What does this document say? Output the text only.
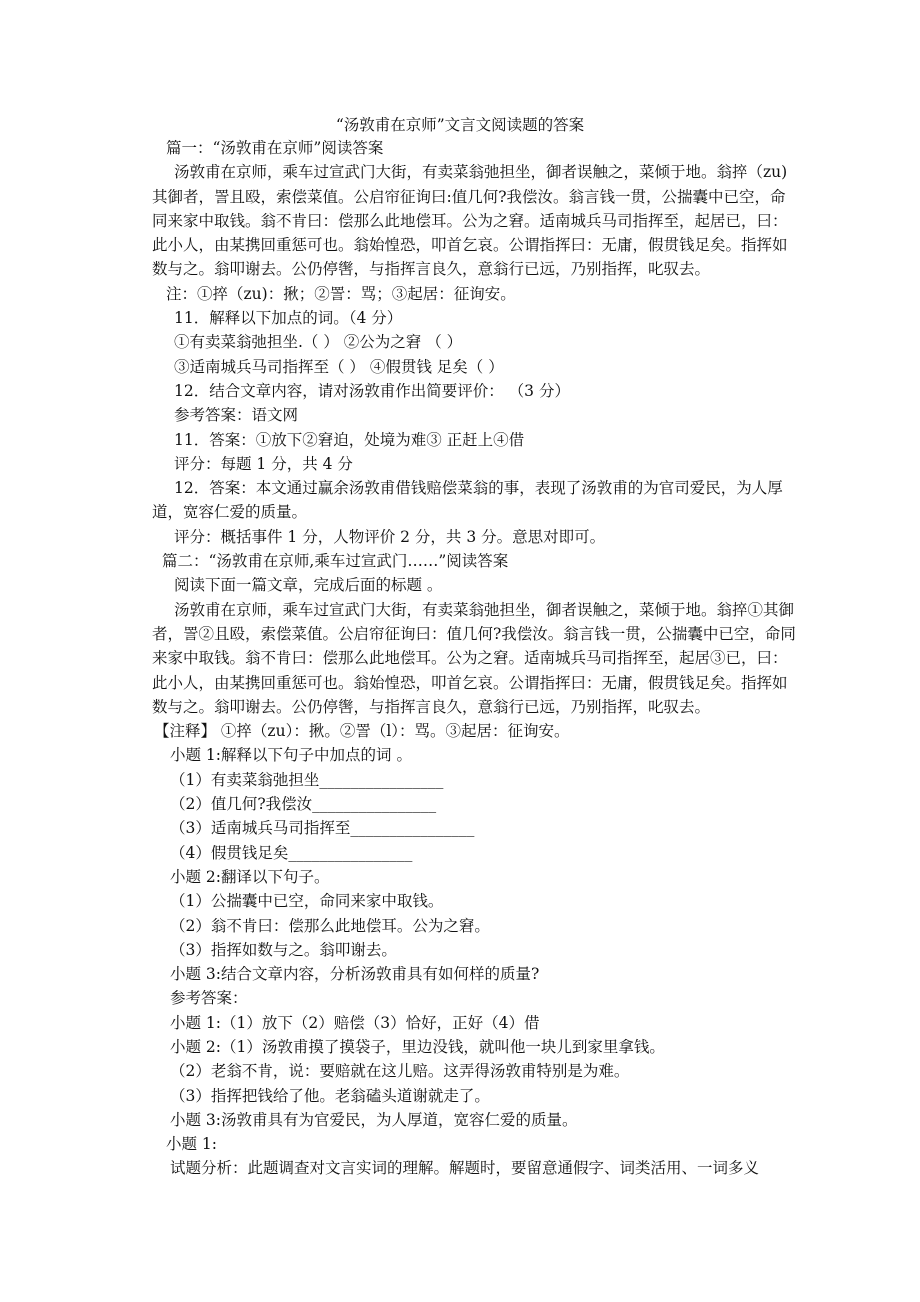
“汤敦甫在京师”文言文阅读题的答案

篇一：“汤敦甫在京师”阅读答案

汤敦甫在京师，乘车过宣武门大街，有卖菜翁弛担坐，御者误触之，菜倾于地。翁捽（zu)其御者，詈且殴，索偿菜值。公启帘征询曰:值几何?我偿汝。翁言钱一贯，公揣囊中已空，命同来家中取钱。翁不肯曰：偿那么此地偿耳。公为之窘。适南城兵马司指挥至，起居已，曰：此小人，由某携回重惩可也。翁始惶恐，叩首乞哀。公谓指挥曰：无庸，假贯钱足矣。指挥如数与之。翁叩谢去。公仍停辔，与指挥言良久，意翁行已远，乃别指挥，叱驭去。

注：①捽（zu)：揪；②詈：骂；③起居：征询安。

11．解释以下加点的词。（4 分）

①有卖菜翁弛担坐.（ ） ②公为之窘 （ ）

③适南城兵马司指挥至（ ） ④假贯钱 足矣（ ）

12．结合文章内容，请对汤敦甫作出简要评价： （3 分）

参考答案：语文网

11．答案：①放下②窘迫，处境为难③ 正赶上④借

评分：每题 1 分，共 4 分

12．答案：本文通过赢余汤敦甫借钱赔偿菜翁的事，表现了汤敦甫的为官司爱民，为人厚道，宽容仁爱的质量。

评分：概括事件 1 分，人物评价 2 分，共 3 分。意思对即可。

篇二：“汤敦甫在京师,乘车过宣武门……”阅读答案

阅读下面一篇文章，完成后面的标题 。

汤敦甫在京师，乘车过宣武门大街，有卖菜翁弛担坐，御者误触之，菜倾于地。翁捽①其御者，詈②且殴，索偿菜值。公启帘征询曰：值几何?我偿汝。翁言钱一贯，公揣囊中已空，命同来家中取钱。翁不肯曰：偿那么此地偿耳。公为之窘。适南城兵马司指挥至，起居③已，曰：此小人，由某携回重惩可也。翁始惶恐，叩首乞哀。公谓指挥曰：无庸，假贯钱足矣。指挥如数与之。翁叩谢去。公仍停辔，与指挥言良久，意翁行已远，乃别指挥，叱驭去。

【注释】 ①捽（zu）：揪。②詈（l）：骂。③起居：征询安。

小题 1:解释以下句子中加点的词 。

（1）有卖菜翁弛担坐________________

（2）值几何?我偿汝________________

（3）适南城兵马司指挥至________________

（4）假贯钱足矣________________

小题 2:翻译以下句子。

（1）公揣囊中已空，命同来家中取钱。

（2）翁不肯曰：偿那么此地偿耳。公为之窘。

（3）指挥如数与之。翁叩谢去。

小题 3:结合文章内容，分析汤敦甫具有如何样的质量?

参考答案：

小题 1:（1）放下（2）赔偿（3）恰好，正好（4）借

小题 2:（1）汤敦甫摸了摸袋子，里边没钱，就叫他一块儿到家里拿钱。

（2）老翁不肯，说：要赔就在这儿赔。这弄得汤敦甫特别是为难。

（3）指挥把钱给了他。老翁磕头道谢就走了。

小题 3:汤敦甫具有为官爱民，为人厚道，宽容仁爱的质量。

小题 1:

试题分析：此题调查对文言实词的理解。解题时，要留意通假字、词类活用、一词多义
